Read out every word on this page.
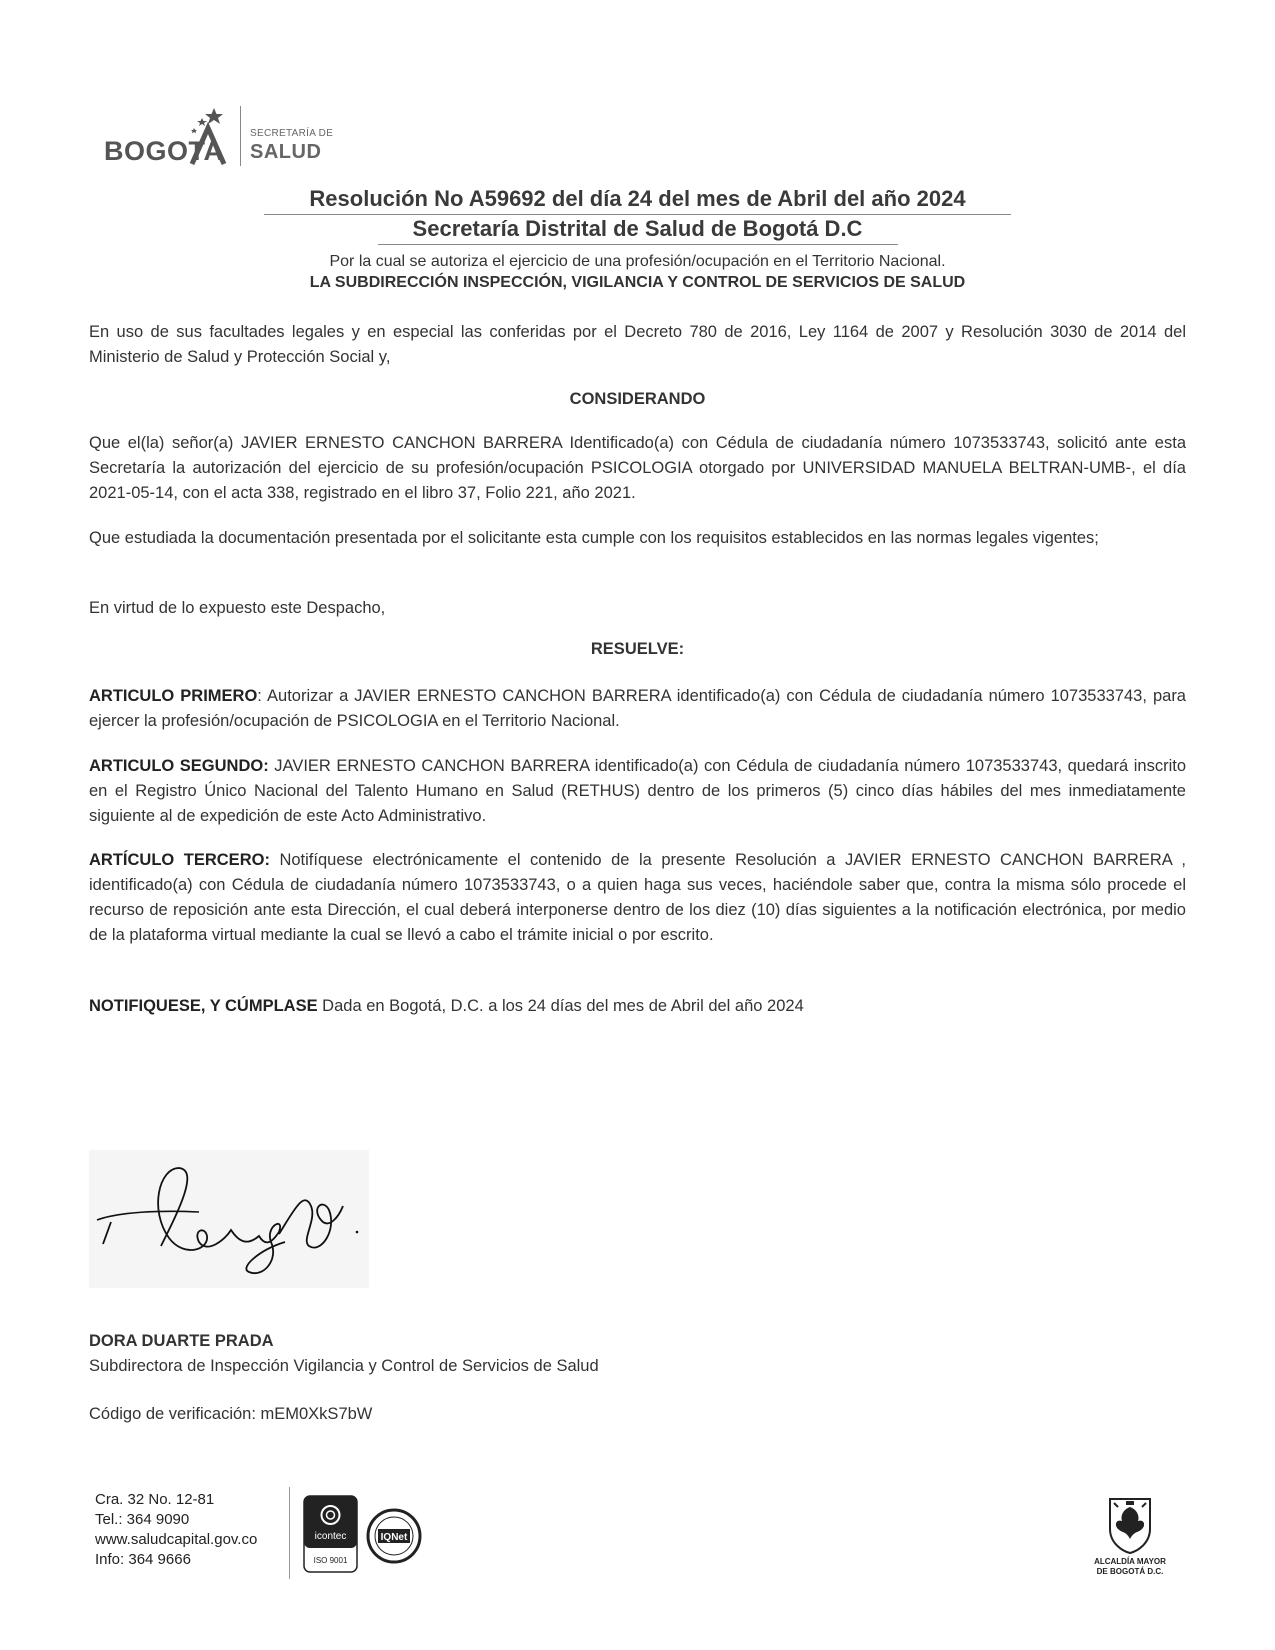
BOGOTA
SECRETARÍA DE
SALUD
Resolución No A59692 del día 24 del mes de Abril del año 2024
Secretaría Distrital de Salud de Bogotá D.C
Por la cual se autoriza el ejercicio de una profesión/ocupación en el Territorio Nacional.
LA SUBDIRECCIÓN INSPECCIÓN, VIGILANCIA Y CONTROL DE SERVICIOS DE SALUD
En uso de sus facultades legales y en especial las conferidas por el Decreto 780 de 2016, Ley 1164 de 2007 y Resolución 3030 de 2014 del Ministerio de Salud y Protección Social y,
CONSIDERANDO
Que el(la) señor(a) JAVIER ERNESTO CANCHON BARRERA Identificado(a) con Cédula de ciudadanía número 1073533743, solicitó ante esta Secretaría la autorización del ejercicio de su profesión/ocupación PSICOLOGIA otorgado por UNIVERSIDAD MANUELA BELTRAN-UMB-, el día 2021-05-14, con el acta 338, registrado en el libro 37, Folio 221, año 2021.
Que estudiada la documentación presentada por el solicitante esta cumple con los requisitos establecidos en las normas legales vigentes;
En virtud de lo expuesto este Despacho,
RESUELVE:
ARTICULO PRIMERO: Autorizar a JAVIER ERNESTO CANCHON BARRERA identificado(a) con Cédula de ciudadanía número 1073533743, para ejercer la profesión/ocupación de PSICOLOGIA en el Territorio Nacional.
ARTICULO SEGUNDO: JAVIER ERNESTO CANCHON BARRERA identificado(a) con Cédula de ciudadanía número 1073533743, quedará inscrito en el Registro Único Nacional del Talento Humano en Salud (RETHUS) dentro de los primeros (5) cinco días hábiles del mes inmediatamente siguiente al de expedición de este Acto Administrativo.
ARTÍCULO TERCERO: Notifíquese electrónicamente el contenido de la presente Resolución a JAVIER ERNESTO CANCHON BARRERA , identificado(a) con Cédula de ciudadanía número 1073533743, o a quien haga sus veces, haciéndole saber que, contra la misma sólo procede el recurso de reposición ante esta Dirección, el cual deberá interponerse dentro de los diez (10) días siguientes a la notificación electrónica, por medio de la plataforma virtual mediante la cual se llevó a cabo el trámite inicial o por escrito.
NOTIFIQUESE, Y CÚMPLASE Dada en Bogotá, D.C. a los 24 días del mes de Abril del año 2024
DORA DUARTE PRADA
Subdirectora de Inspección Vigilancia y Control de Servicios de Salud
Código de verificación: mEM0XkS7bW
Cra. 32 No. 12-81
Tel.: 364 9090
www.saludcapital.gov.co
Info: 364 9666
icontec
ISO 9001
IQNet
ALCALDÍA MAYOR
DE BOGOTÁ D.C.
